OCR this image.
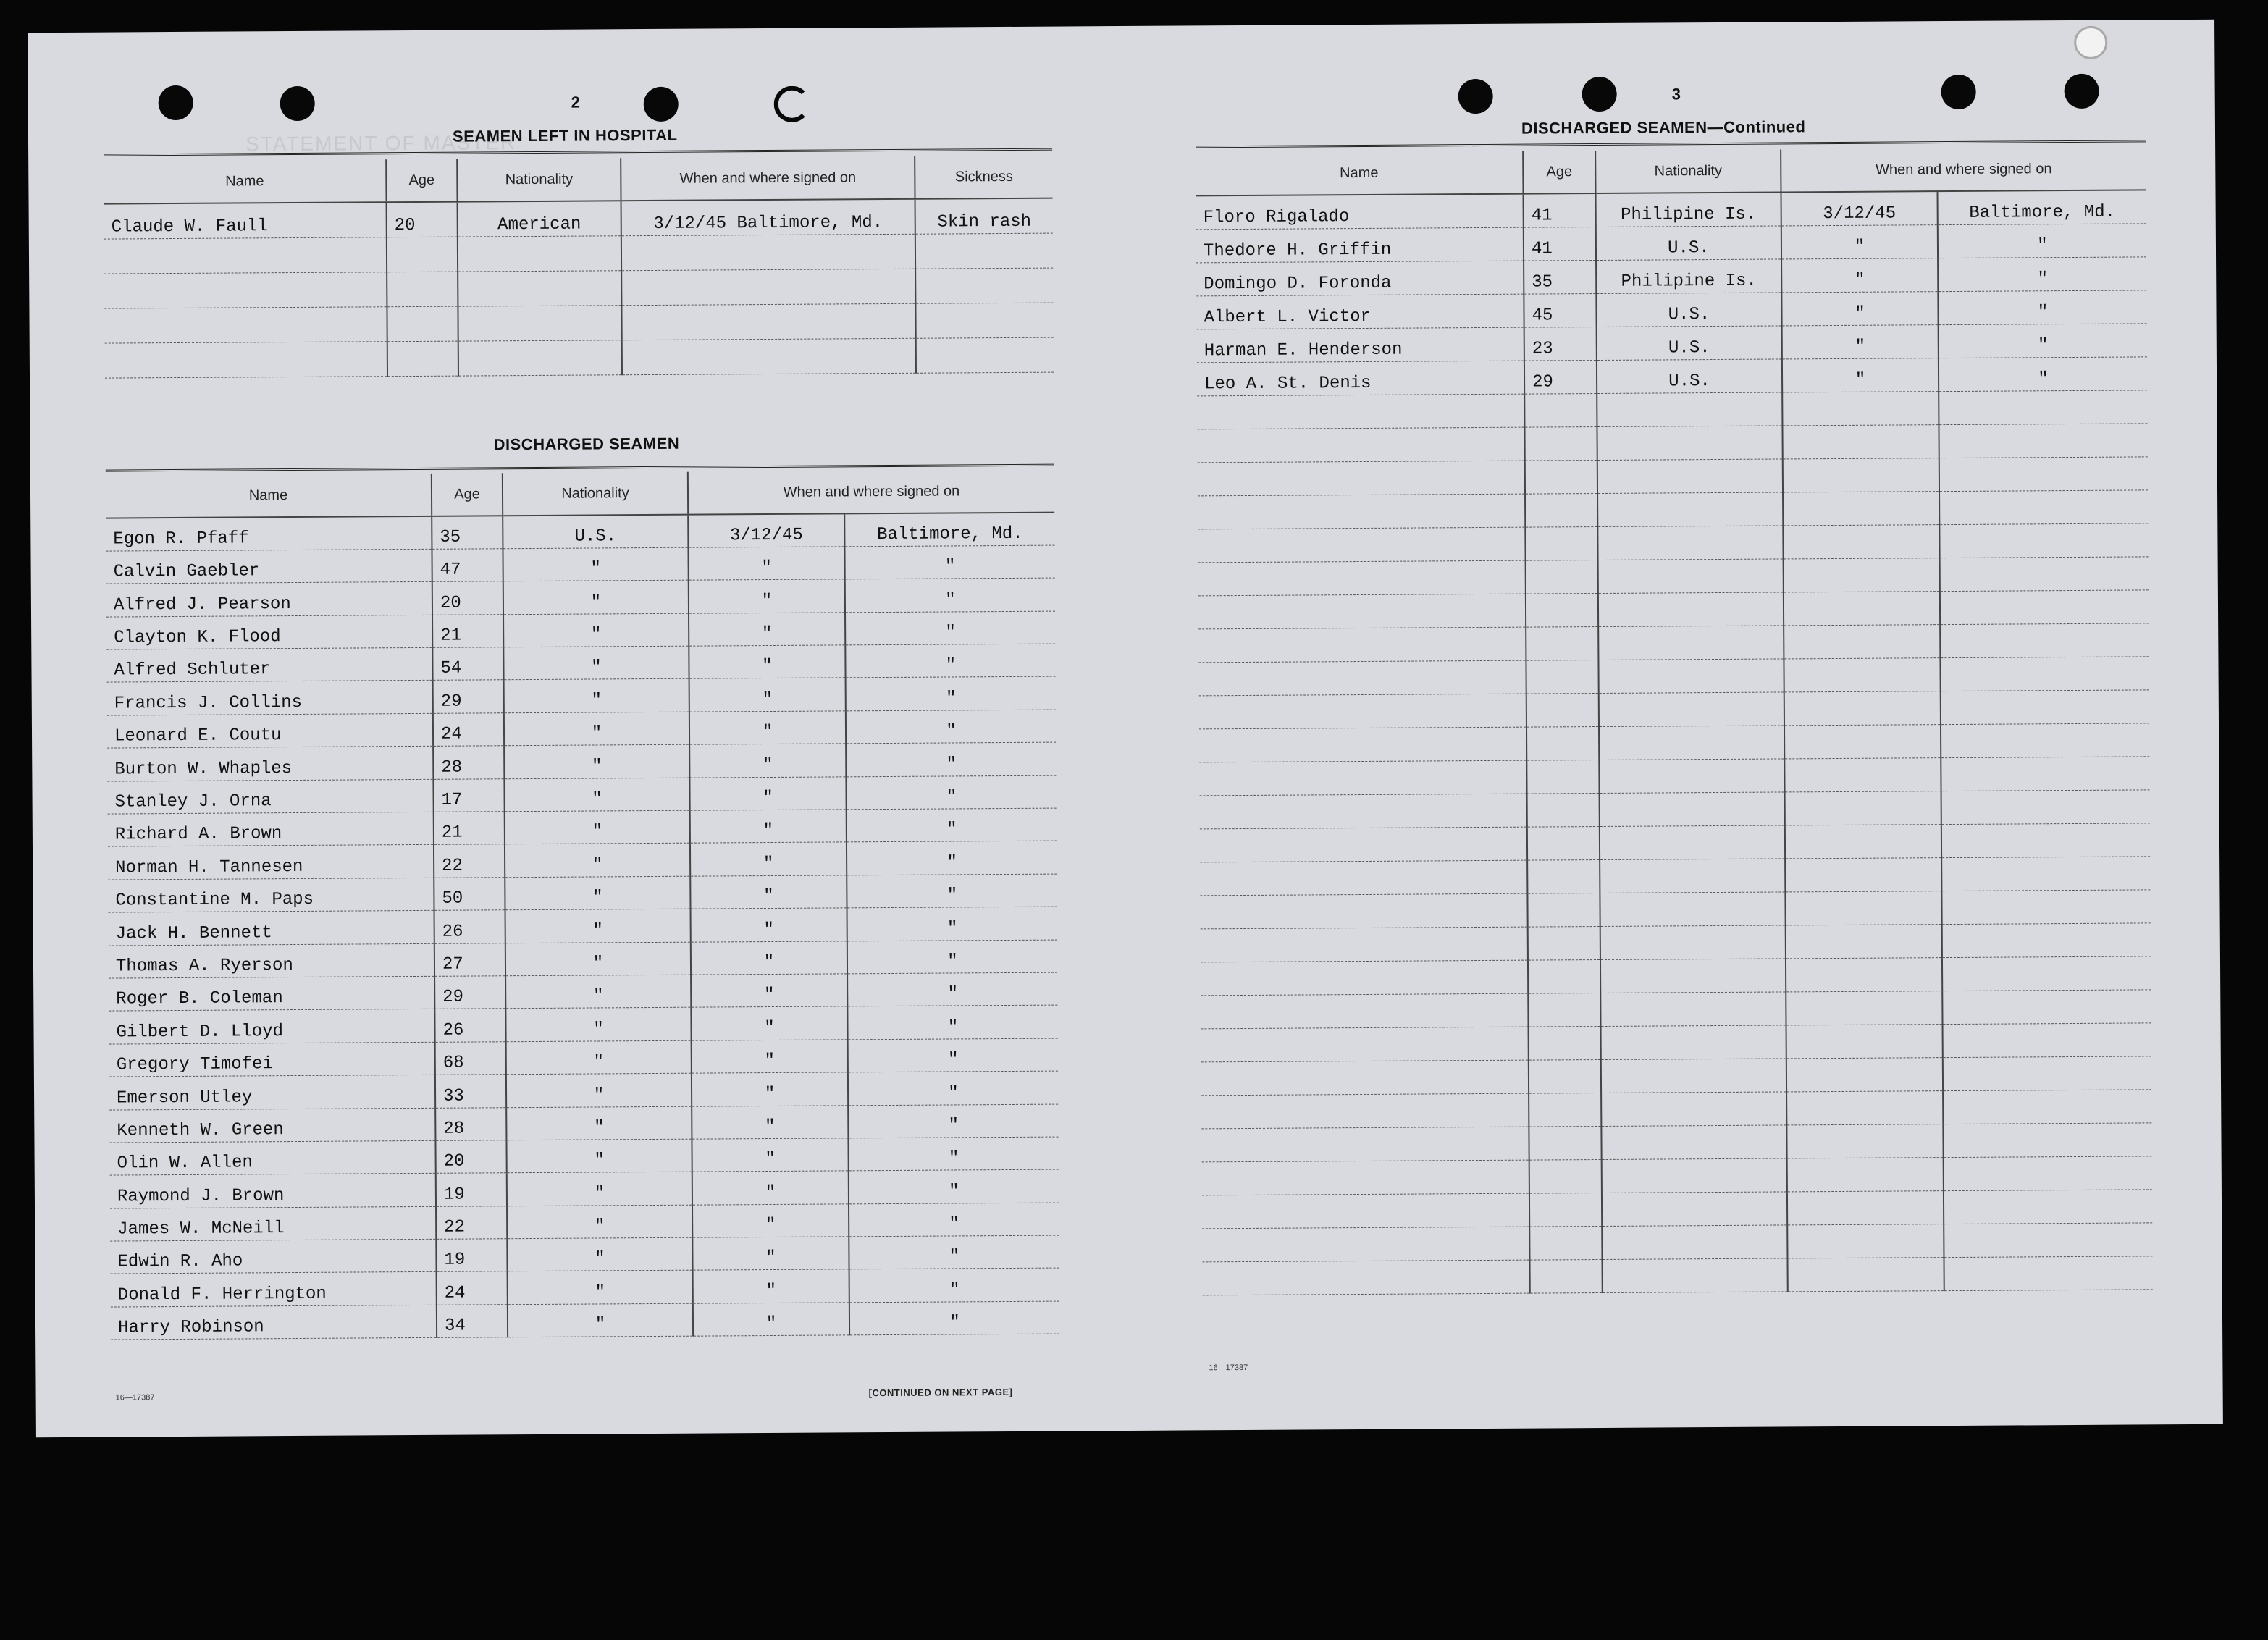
STATEMENT OF MASTER
2
SEAMEN LEFT IN HOSPITAL
Name	Age	Nationality	When and where signed on	Sickness
Claude W. Faull	20	American	3/12/45 Baltimore, Md.	Skin rash

DISCHARGED SEAMEN
Name	Age	Nationality	When and where signed on	
Egon R. Pfaff	35	U.S.	3/12/45	Baltimore, Md.
Calvin Gaebler	47	"	"	"
Alfred J. Pearson	20	"	"	"
Clayton K. Flood	21	"	"	"
Alfred Schluter	54	"	"	"
Francis J. Collins	29	"	"	"
Leonard E. Coutu	24	"	"	"
Burton W. Whaples	28	"	"	"
Stanley J. Orna	17	"	"	"
Richard A. Brown	21	"	"	"
Norman H. Tannesen	22	"	"	"
Constantine M. Paps	50	"	"	"
Jack H. Bennett	26	"	"	"
Thomas A. Ryerson	27	"	"	"
Roger B. Coleman	29	"	"	"
Gilbert D. Lloyd	26	"	"	"
Gregory Timofei	68	"	"	"
Emerson Utley	33	"	"	"
Kenneth W. Green	28	"	"	"
Olin W. Allen	20	"	"	"
Raymond J. Brown	19	"	"	"
James W. McNeill	22	"	"	"
Edwin R. Aho	19	"	"	"
Donald F. Herrington	24	"	"	"
Harry Robinson	34	"	"	"
16—17387	[CONTINUED ON NEXT PAGE]
3
DISCHARGED SEAMEN—Continued
Name	Age	Nationality	When and where signed on	
Floro Rigalado	41	Philipine Is.	3/12/45	Baltimore, Md.
Thedore H. Griffin	41	U.S.	"	"
Domingo D. Foronda	35	Philipine Is.	"	"
Albert L. Victor	45	U.S.	"	"
Harman E. Henderson	23	U.S.	"	"
Leo A. St. Denis	29	U.S.	"	"

16—17387
